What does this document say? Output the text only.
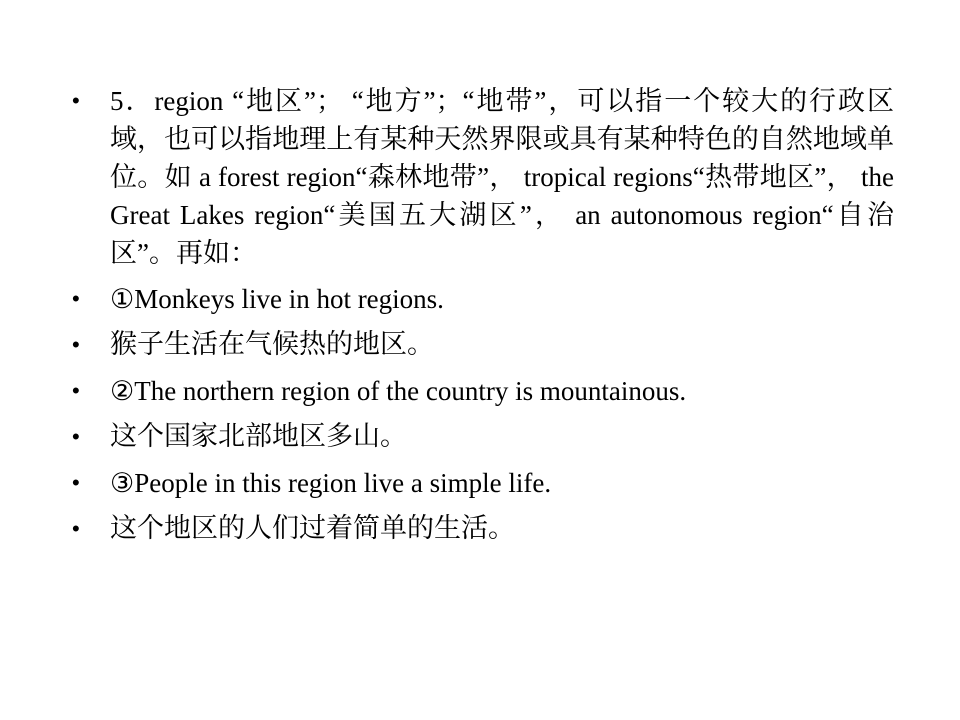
•	5．region “地区”； “地方”；“地带”，可以指一个较大的行政区域，也可以指地理上有某种天然界限或具有某种特色的自然地域单位。如 a forest region“森林地带”， tropical regions“热带地区”， the Great Lakes region“美国五大湖区”， an autonomous region“自治区”。再如：
•	①Monkeys live in hot regions.
•	猴子生活在气候热的地区。
•	②The northern region of the country is mountainous.
•	这个国家北部地区多山。
•	③People in this region live a simple life.
•	这个地区的人们过着简单的生活。
